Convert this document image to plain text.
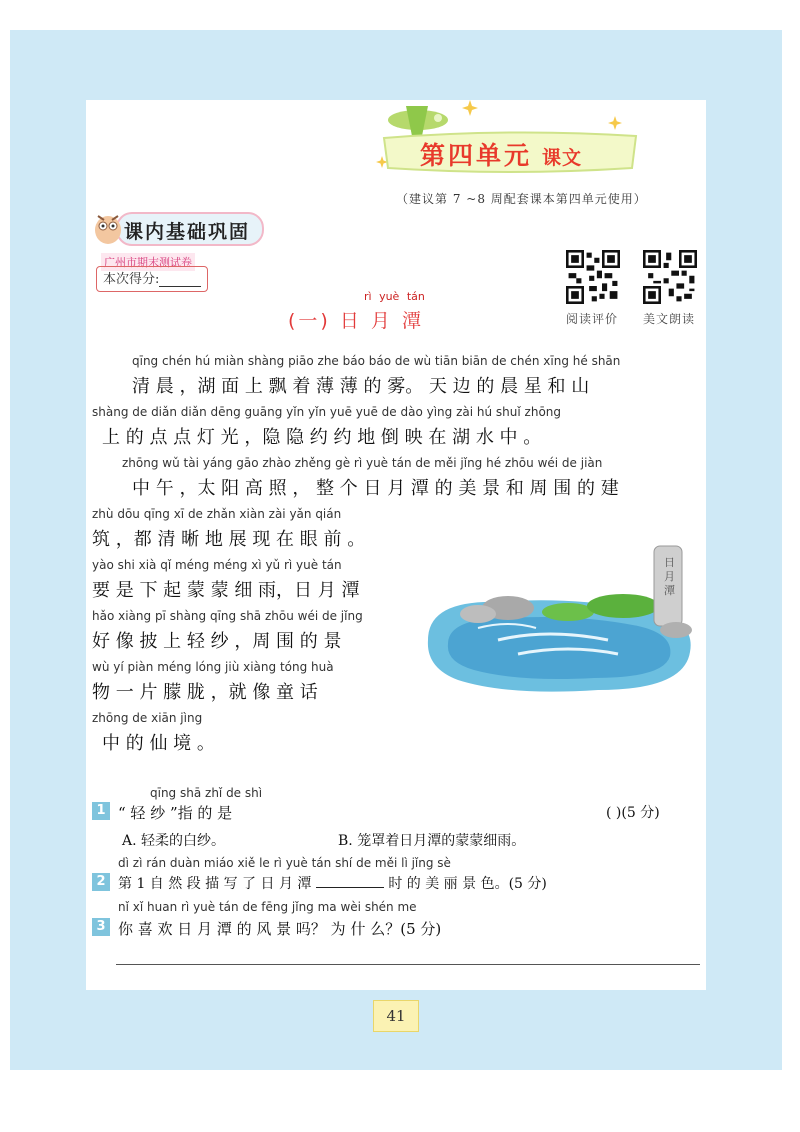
第四单元 课文
（建议第 7 ~8 周配套课本第四单元使用）
课内基础巩固
广州市期末测试卷
本次得分:
阅读评价 美文朗读
rì yuè tán
(一) 日 月 潭
qīng chén hú miàn shàng piāo zhe báo báo de wù tiān biān de chén xīng hé shān
清 晨 ，湖 面 上 飘 着 薄 薄 的 雾。 天 边 的 晨 星 和 山
shàng de diǎn diǎn dēng guāng yǐn yǐn yuē yuē de dào yìng zài hú shuǐ zhōng
上 的 点 点 灯 光 ，隐 隐 约 约 地 倒 映 在 湖 水 中 。
zhōng wǔ tài yáng gāo zhào zhěng gè rì yuè tán de měi jǐng hé zhōu wéi de jiàn
中 午 ，太 阳 高 照 ， 整 个 日 月 潭 的 美 景 和 周 围 的 建
zhù dōu qīng xī de zhǎn xiàn zài yǎn qián
筑 ，都 清 晰 地 展 现 在 眼 前 。
yào shi xià qǐ méng méng xì yǔ rì yuè tán
要 是 下 起 蒙 蒙 细 雨，日 月 潭
hǎo xiàng pī shàng qīng shā zhōu wéi de jǐng
好 像 披 上 轻 纱 ，周 围 的 景
wù yí piàn méng lóng jiù xiàng tóng huà
物 一 片 朦 胧 ，就 像 童 话
zhōng de xiān jìng
中 的 仙 境 。
日月潭
qīng shā zhǐ de shì
1 “ 轻 纱 ”指 的 是	( )(5 分)
A. 轻柔的白纱。	B. 笼罩着日月潭的蒙蒙细雨。
dì zì rán duàn miáo xiě le rì yuè tán shí de měi lì jǐng sè
2 第 1 自 然 段 描 写 了 日 月 潭	时 的 美 丽 景 色。(5 分)
nǐ xǐ huan rì yuè tán de fēng jǐng ma wèi shén me
3 你 喜 欢 日 月 潭 的 风 景 吗？ 为 什 么？(5 分)
41
